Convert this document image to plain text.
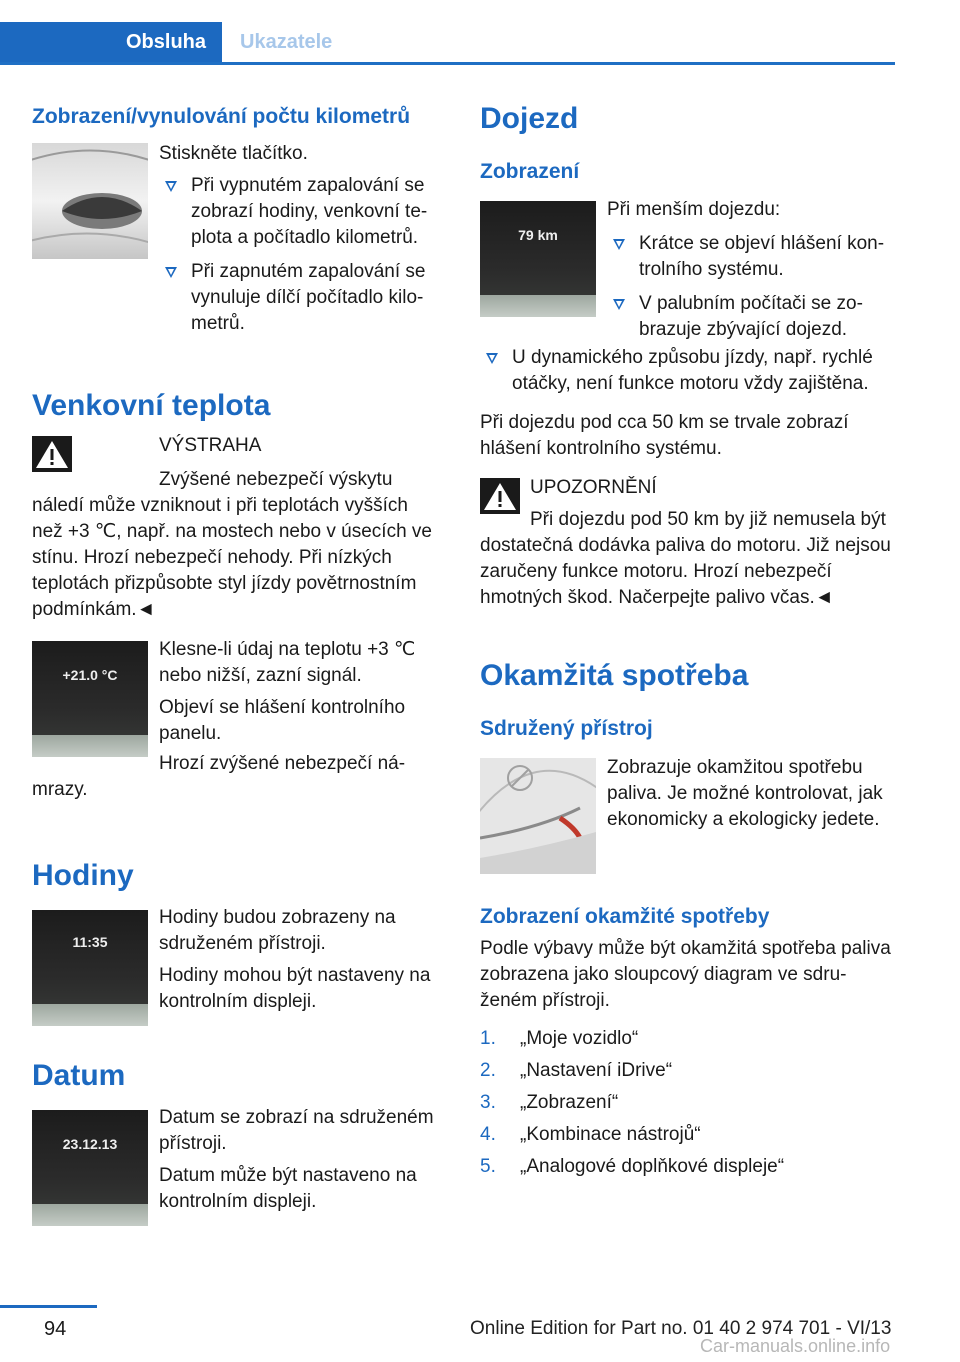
Obsluha Ukazatele
Zobrazení/vynulování počtu kilometrů

Stiskněte tlačítko.

Při vypnutém zapalování se zobrazí hodiny, venkovní teplota a počítadlo kilometrů.
Při zapnutém zapalování se vynuluje dílčí počítadlo kilometrů.
Venkovní teplota

VÝSTRAHA

Zvýšené nebezpečí výskytu náledí může vzniknout i při teplotách vyšších než +3 ℃, např. na mostech nebo v úsecích ve stínu. Hrozí nebezpečí nehody. Při nízkých teplotách přizpůsobte styl jízdy povětrnostním podmínkám.◄

+21.0 °C

Klesne-li údaj na teplotu +3 ℃ nebo nižší, zazní signál.

Objeví se hlášení kontrolního panelu.

Hrozí zvýšené nebezpečí námrazy.

Hodiny
11:35

Hodiny budou zobrazeny na sdruženém přístroji.

Hodiny mohou být nastaveny na kontrolním displeji.

Datum
23.12.13

Datum se zobrazí na sdruženém přístroji.

Datum může být nastaveno na kontrolním displeji.

Dojezd
Zobrazení
79 km

Při menším dojezdu:

Krátce se objeví hlášení kontrolního systému.
V palubním počítači se zobrazuje zbývající dojezd.
U dynamického způsobu jízdy, např. rychlé otáčky, není funkce motoru vždy zajištěna.

Při dojezdu pod cca 50 km se trvale zobrazí hlášení kontrolního systému.

UPOZORNĚNÍ

Při dojezdu pod 50 km by již nemusela být dostatečná dodávka paliva do motoru. Již nejsou zaručeny funkce motoru. Hrozí nebezpečí hmotných škod. Načerpejte palivo včas.◄

Okamžitá spotřeba
Sdružený přístroj

Zobrazuje okamžitou spotřebu paliva. Je možné kontrolovat, jak ekonomicky a ekologicky jedete.

Zobrazení okamžité spotřeby

Podle výbavy může být okamžitá spotřeba paliva zobrazena jako sloupcový diagram ve sdruženém přístroji.

1. „Moje vozidlo“
2. „Nastavení iDrive“
3. „Zobrazení“
4. „Kombinace nástrojů“
5. „Analogové doplňkové displeje“
94	Online Edition for Part no. 01 40 2 974 701 - VI/13
Car-manuals.online.info
